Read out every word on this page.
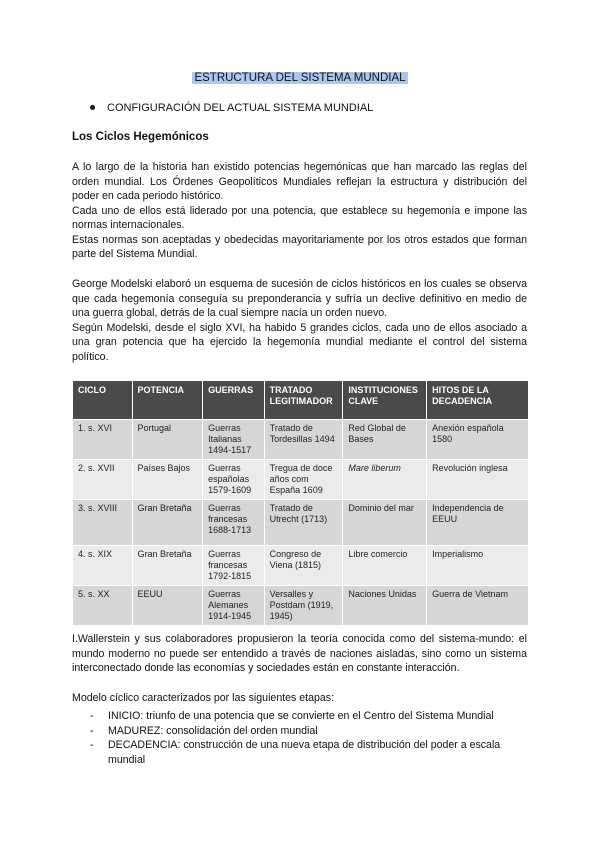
ESTRUCTURA DEL SISTEMA MUNDIAL
CONFIGURACIÓN DEL ACTUAL SISTEMA MUNDIAL
Los Ciclos Hegemónicos

A lo largo de la historia han existido potencias hegemónicas que han marcado las reglas del orden mundial. Los Órdenes Geopolíticos Mundiales reflejan la estructura y distribución del poder en cada periodo histórico.

Cada uno de ellos está liderado por una potencia, que establece su hegemonía e impone las normas internacionales.

Estas normas son aceptadas y obedecidas mayoritariamente por los otros estados que forman parte del Sistema Mundial.

George Modelski elaboró un esquema de sucesión de ciclos históricos en los cuales se observa que cada hegemonía conseguía su preponderancia y sufría un declive definitivo en medio de una guerra global, detrás de la cual siempre nacía un orden nuevo.

Según Modelski, desde el siglo XVI, ha habido 5 grandes ciclos, cada uno de ellos asociado a una gran potencia que ha ejercido la hegemonía mundial mediante el control del sistema político.

CICLO	POTENCIA	GUERRAS	TRATADO LEGITIMADOR	INSTITUCIONES CLAVE	HITOS DE LA DECADENCIA
1. s. XVI	Portugal	Guerras Italianas 1494-1517	Tratado de Tordesillas 1494	Red Global de Bases	Anexión española 1580
2. s. XVII	Países Bajos	Guerras españolas 1579-1609	Tregua de doce años com España 1609	Mare liberum	Revolución inglesa
3. s. XVIII	Gran Bretaña	Guerras francesas 1688-1713	Tratado de Utrecht (1713)	Dominio del mar	Independencia de EEUU
4. s. XIX	Gran Bretaña	Guerras francesas 1792-1815	Congreso de Viena (1815)	Libre comercio	Imperialismo
5. s. XX	EEUU	Guerras Alemanes 1914-1945	Versalles y Postdam (1919, 1945)	Naciones Unidas	Guerra de Vietnam
I.Wallerstein y sus colaboradores propusieron la teoría conocida como del sistema-mundo: el mundo moderno no puede ser entendido a través de naciones aisladas, sino como un sistema interconectado donde las economías y sociedades están en constante interacción.
Modelo cíclico caracterizados por las siguientes etapas:
- INICIO: triunfo de una potencia que se convierte en el Centro del Sistema Mundial
- MADUREZ: consolidación del orden mundial
- DECADENCIA: construcción de una nueva etapa de distribución del poder a escala mundial
